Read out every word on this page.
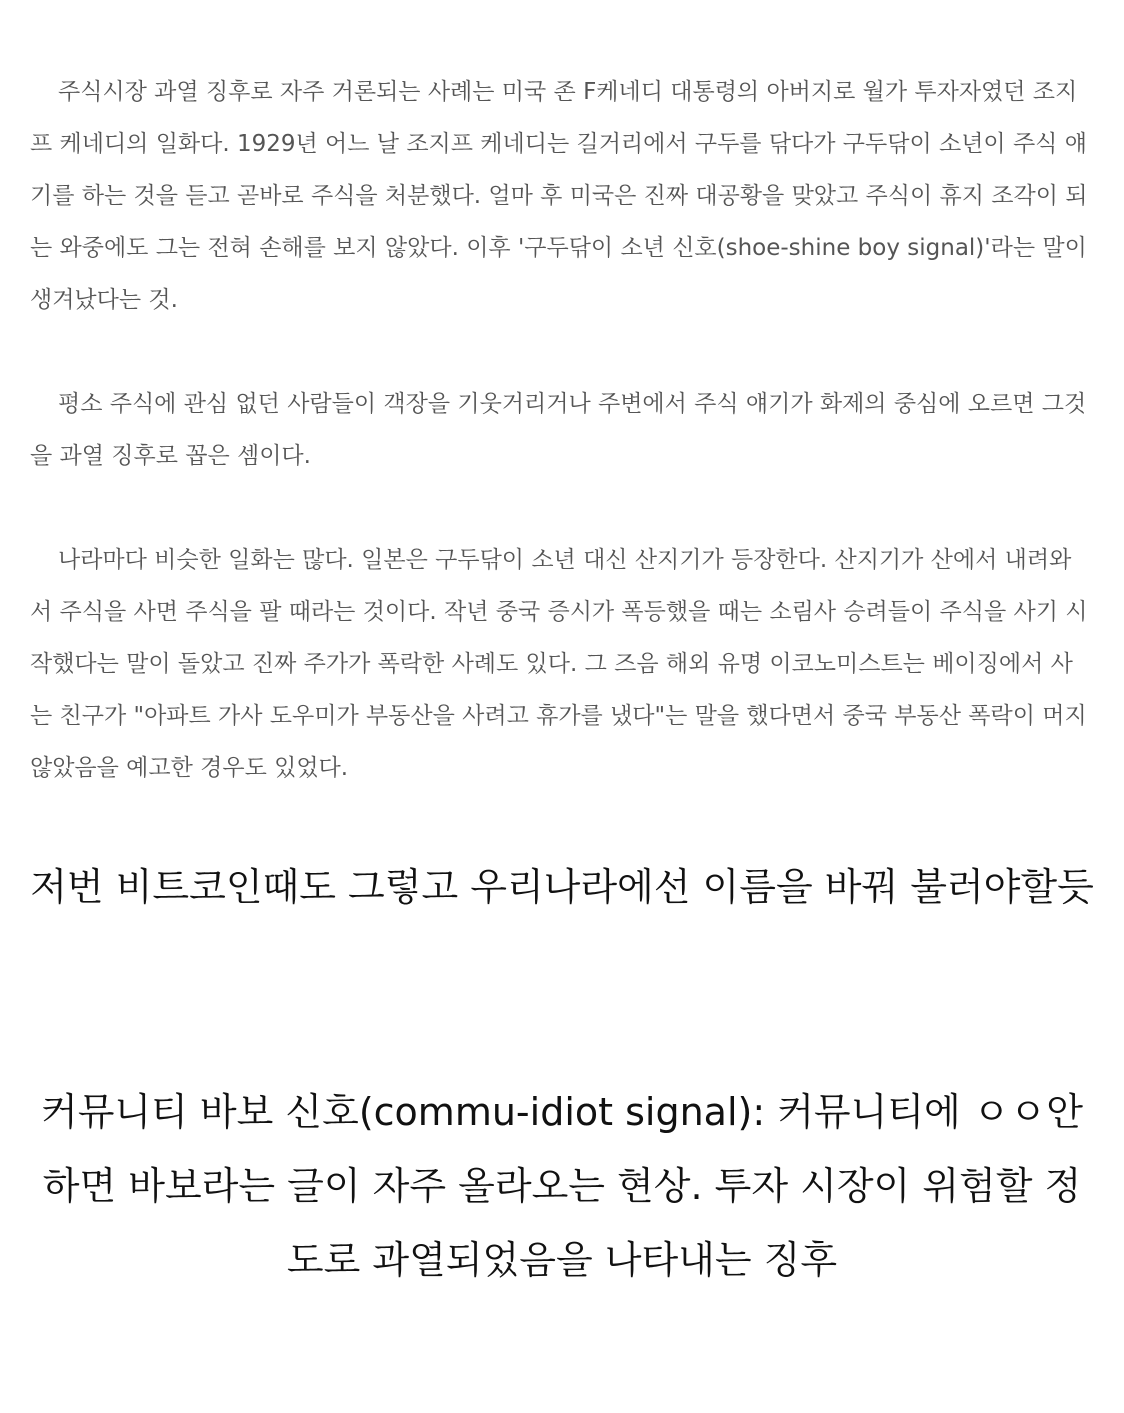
주식시장 과열 징후로 자주 거론되는 사례는 미국 존 F케네디 대통령의 아버지로 월가 투자자였던 조지프 케네디의 일화다. 1929년 어느 날 조지프 케네디는 길거리에서 구두를 닦다가 구두닦이 소년이 주식 얘기를 하는 것을 듣고 곧바로 주식을 처분했다. 얼마 후 미국은 진짜 대공황을 맞았고 주식이 휴지 조각이 되는 와중에도 그는 전혀 손해를 보지 않았다. 이후 '구두닦이 소년 신호(shoe-shine boy signal)'라는 말이 생겨났다는 것.

평소 주식에 관심 없던 사람들이 객장을 기웃거리거나 주변에서 주식 얘기가 화제의 중심에 오르면 그것을 과열 징후로 꼽은 셈이다.

나라마다 비슷한 일화는 많다. 일본은 구두닦이 소년 대신 산지기가 등장한다. 산지기가 산에서 내려와서 주식을 사면 주식을 팔 때라는 것이다. 작년 중국 증시가 폭등했을 때는 소림사 승려들이 주식을 사기 시작했다는 말이 돌았고 진짜 주가가 폭락한 사례도 있다. 그 즈음 해외 유명 이코노미스트는 베이징에서 사는 친구가 "아파트 가사 도우미가 부동산을 사려고 휴가를 냈다"는 말을 했다면서 중국 부동산 폭락이 머지않았음을 예고한 경우도 있었다.

저번 비트코인때도 그렇고 우리나라에선 이름을 바꿔 불러야할듯

커뮤니티 바보 신호(commu-idiot signal): 커뮤니티에 ㅇㅇ안하면 바보라는 글이 자주 올라오는 현상. 투자 시장이 위험할 정도로 과열되었음을 나타내는 징후
